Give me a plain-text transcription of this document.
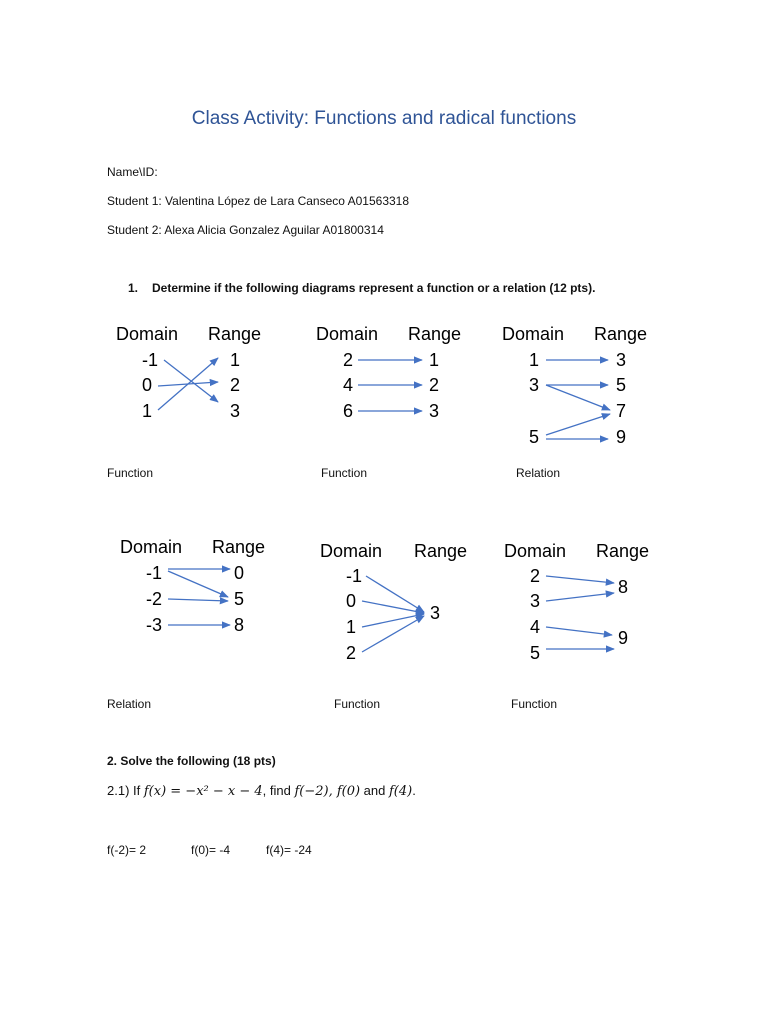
Class Activity: Functions and radical functions
Name\ID:
Student 1: Valentina López de Lara Canseco A01563318
Student 2: Alexa Alicia Gonzalez Aguilar A01800314
1. Determine if the following diagrams represent a function or a relation (12 pts).
Domain Range
-1
0
1
1
2
3
Function
Domain Range
2
4
6
1
2
3
Function
Domain Range
1
3
5
3
5
7
9
Relation
Domain Range
-1
-2
-3
0
5
8
Relation
Domain Range
-1
0
1
2
3
Function
Domain Range
2
3
4
5
8
9
Function
2. Solve the following (18 pts)
2.1) If f(x) = −x² − x − 4, find f(−2), f(0) and f(4).
f(-2)= 2	f(0)= -4	f(4)= -24
